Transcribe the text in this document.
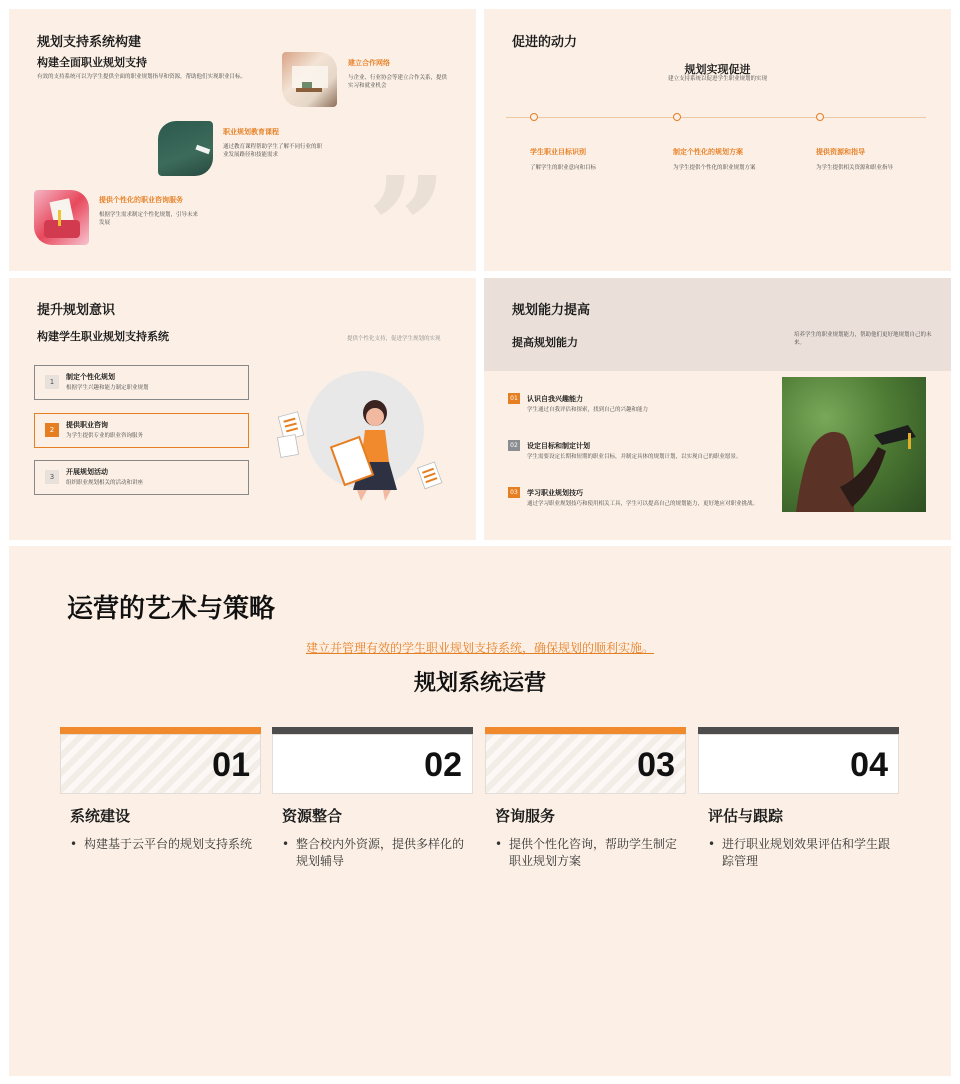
规划支持系统构建
构建全面职业规划支持
有效的支持系统可以为学生提供全面的职业规划指导和资源，帮助他们实现职业目标。
”
建立合作网络
与企业、行业协会等建立合作关系，提供实习和就业机会
职业规划教育课程
通过教育课程帮助学生了解不同行业的职业发展路径和技能需求
提供个性化的职业咨询服务
根据学生需求制定个性化规划，引导未来发展
促进的动力
规划实现促进
建立支持系统以促进学生职业规划的实现
学生职业目标识别
了解学生的职业意向和目标
制定个性化的规划方案
为学生提供个性化的职业规划方案
提供资源和指导
为学生提供相关资源和职业指导
提升规划意识
构建学生职业规划支持系统	提供个性化支持，促进学生规划的实现
1
制定个性化规划
根据学生兴趣和能力制定职业规划
2
提供职业咨询
为学生提供专业的职业咨询服务
3
开展规划活动
组织职业规划相关的活动和讲座
规划能力提高
提高规划能力
培养学生的职业规划能力，帮助他们更好地规划自己的未来。
01	认识自我兴趣能力
学生通过自我评估和探索，找到自己的兴趣和能力
02	设定目标和制定计划
学生需要设定长期和短期的职业目标，并制定具体的规划计划，以实现自己的职业愿景。
03	学习职业规划技巧
通过学习职业规划技巧和使用相关工具，学生可以提高自己的规划能力，更好地应对职业挑战。
运营的艺术与策略
建立并管理有效的学生职业规划支持系统，确保规划的顺利实施。
规划系统运营
01
系统建设
• 构建基于云平台的规划支持系统
02
资源整合
• 整合校内外资源，提供多样化的规划辅导
03
咨询服务
• 提供个性化咨询，帮助学生制定职业规划方案
04
评估与跟踪
• 进行职业规划效果评估和学生跟踪管理
